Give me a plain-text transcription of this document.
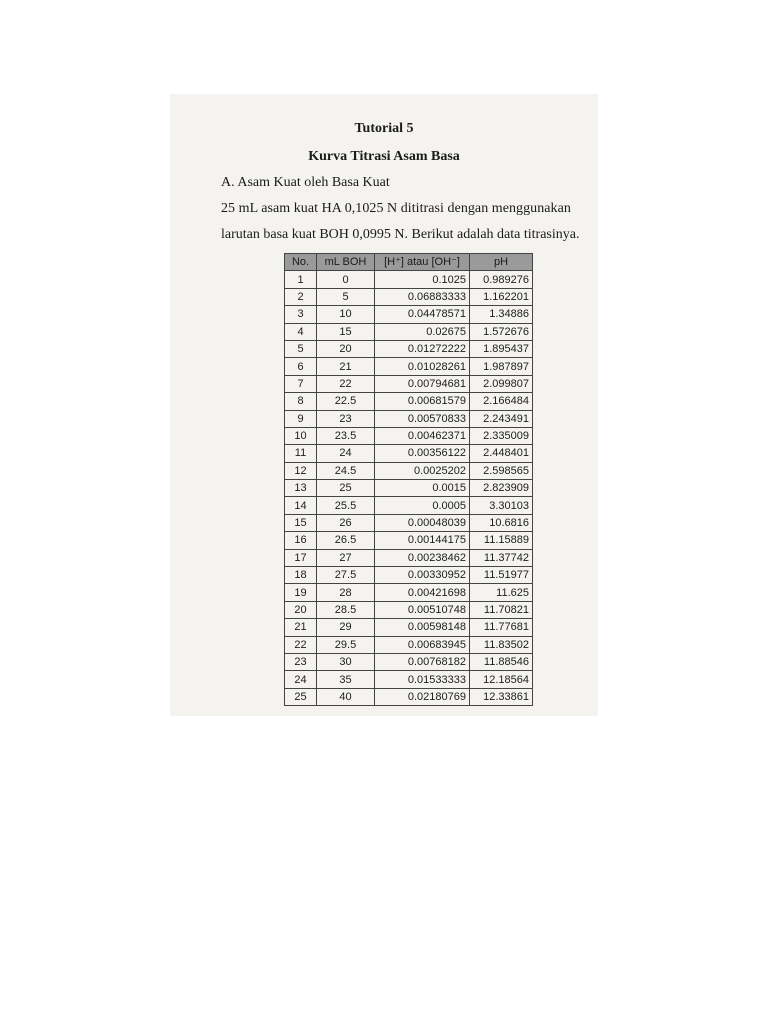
Tutorial 5
Kurva Titrasi Asam Basa
A. Asam Kuat oleh Basa Kuat
25 mL asam kuat HA 0,1025 N dititrasi dengan menggunakan
larutan basa kuat BOH 0,0995 N. Berikut adalah data titrasinya.
No.	mL BOH	[H⁺] atau [OH⁻]	pH
1	0	0.1025	0.989276
2	5	0.06883333	1.162201
3	10	0.04478571	1.34886
4	15	0.02675	1.572676
5	20	0.01272222	1.895437
6	21	0.01028261	1.987897
7	22	0.00794681	2.099807
8	22.5	0.00681579	2.166484
9	23	0.00570833	2.243491
10	23.5	0.00462371	2.335009
11	24	0.00356122	2.448401
12	24.5	0.0025202	2.598565
13	25	0.0015	2.823909
14	25.5	0.0005	3.30103
15	26	0.00048039	10.6816
16	26.5	0.00144175	11.15889
17	27	0.00238462	11.37742
18	27.5	0.00330952	11.51977
19	28	0.00421698	11.625
20	28.5	0.00510748	11.70821
21	29	0.00598148	11.77681
22	29.5	0.00683945	11.83502
23	30	0.00768182	11.88546
24	35	0.01533333	12.18564
25	40	0.02180769	12.33861
